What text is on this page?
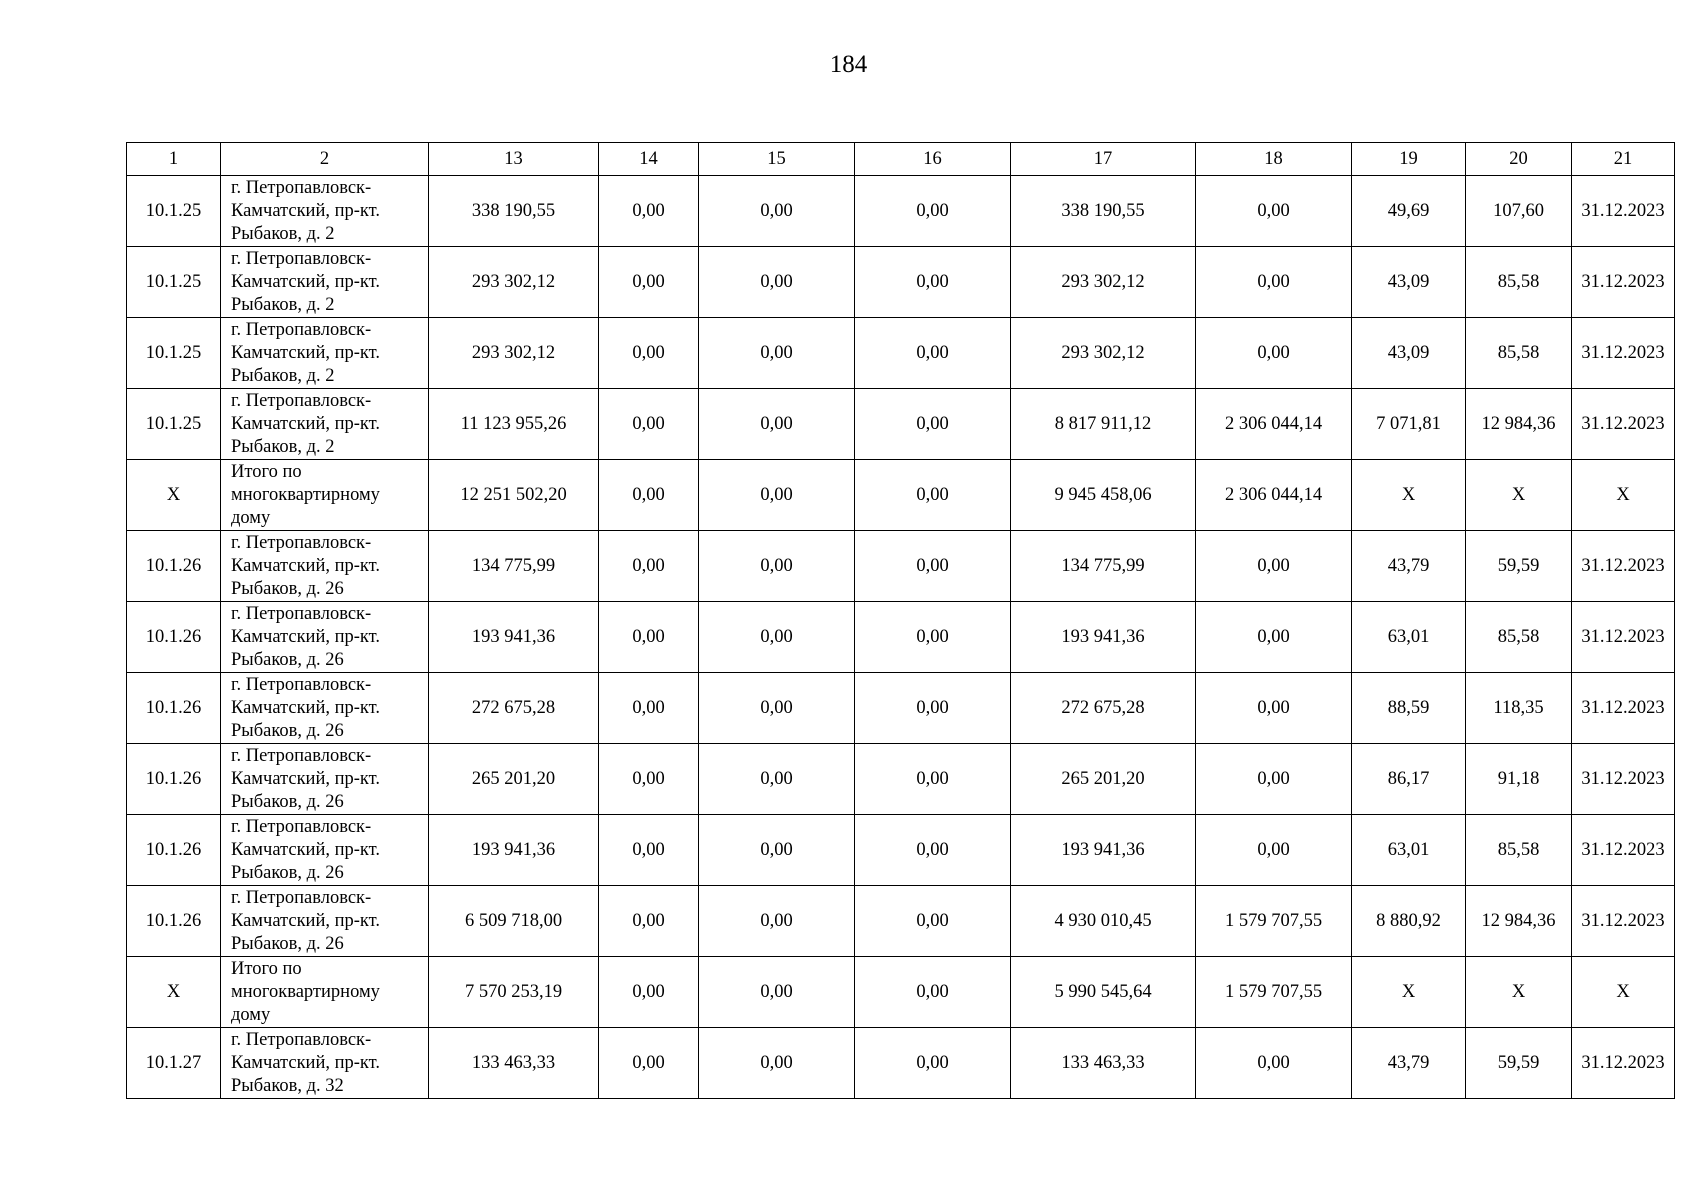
184
1	2	13	14	15	16	17	18	19	20	21
10.1.25	г. Петропавловск-
Камчатский, пр-кт.
Рыбаков, д. 2	338 190,55	0,00	0,00	0,00	338 190,55	0,00	49,69	107,60	31.12.2023
10.1.25	г. Петропавловск-
Камчатский, пр-кт.
Рыбаков, д. 2	293 302,12	0,00	0,00	0,00	293 302,12	0,00	43,09	85,58	31.12.2023
10.1.25	г. Петропавловск-
Камчатский, пр-кт.
Рыбаков, д. 2	293 302,12	0,00	0,00	0,00	293 302,12	0,00	43,09	85,58	31.12.2023
10.1.25	г. Петропавловск-
Камчатский, пр-кт.
Рыбаков, д. 2	11 123 955,26	0,00	0,00	0,00	8 817 911,12	2 306 044,14	7 071,81	12 984,36	31.12.2023
Х	Итого по
многоквартирному
дому	12 251 502,20	0,00	0,00	0,00	9 945 458,06	2 306 044,14	Х	Х	Х
10.1.26	г. Петропавловск-
Камчатский, пр-кт.
Рыбаков, д. 26	134 775,99	0,00	0,00	0,00	134 775,99	0,00	43,79	59,59	31.12.2023
10.1.26	г. Петропавловск-
Камчатский, пр-кт.
Рыбаков, д. 26	193 941,36	0,00	0,00	0,00	193 941,36	0,00	63,01	85,58	31.12.2023
10.1.26	г. Петропавловск-
Камчатский, пр-кт.
Рыбаков, д. 26	272 675,28	0,00	0,00	0,00	272 675,28	0,00	88,59	118,35	31.12.2023
10.1.26	г. Петропавловск-
Камчатский, пр-кт.
Рыбаков, д. 26	265 201,20	0,00	0,00	0,00	265 201,20	0,00	86,17	91,18	31.12.2023
10.1.26	г. Петропавловск-
Камчатский, пр-кт.
Рыбаков, д. 26	193 941,36	0,00	0,00	0,00	193 941,36	0,00	63,01	85,58	31.12.2023
10.1.26	г. Петропавловск-
Камчатский, пр-кт.
Рыбаков, д. 26	6 509 718,00	0,00	0,00	0,00	4 930 010,45	1 579 707,55	8 880,92	12 984,36	31.12.2023
Х	Итого по
многоквартирному
дому	7 570 253,19	0,00	0,00	0,00	5 990 545,64	1 579 707,55	Х	Х	Х
10.1.27	г. Петропавловск-
Камчатский, пр-кт.
Рыбаков, д. 32	133 463,33	0,00	0,00	0,00	133 463,33	0,00	43,79	59,59	31.12.2023
